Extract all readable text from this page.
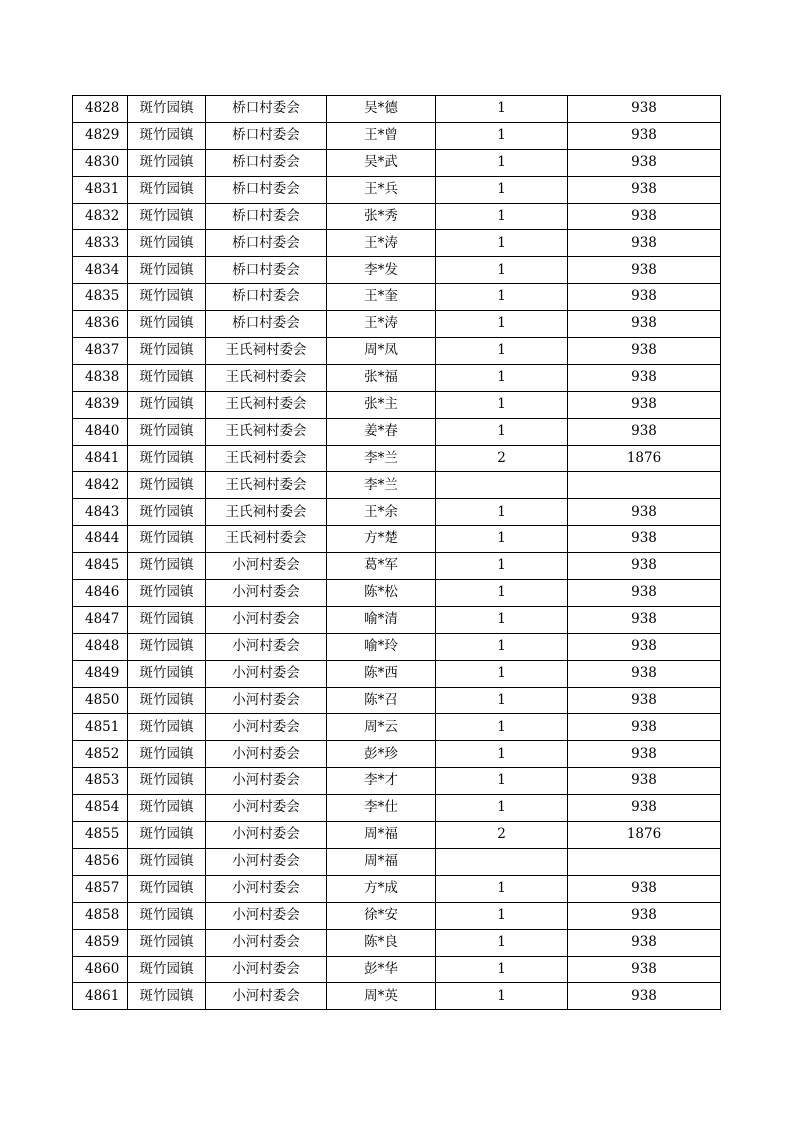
4828	斑竹园镇	桥口村委会	吴*德	1	938
4829	斑竹园镇	桥口村委会	王*曾	1	938
4830	斑竹园镇	桥口村委会	吴*武	1	938
4831	斑竹园镇	桥口村委会	王*兵	1	938
4832	斑竹园镇	桥口村委会	张*秀	1	938
4833	斑竹园镇	桥口村委会	王*涛	1	938
4834	斑竹园镇	桥口村委会	李*发	1	938
4835	斑竹园镇	桥口村委会	王*奎	1	938
4836	斑竹园镇	桥口村委会	王*涛	1	938
4837	斑竹园镇	王氏祠村委会	周*凤	1	938
4838	斑竹园镇	王氏祠村委会	张*福	1	938
4839	斑竹园镇	王氏祠村委会	张*主	1	938
4840	斑竹园镇	王氏祠村委会	姜*春	1	938
4841	斑竹园镇	王氏祠村委会	李*兰	2	1876
4842	斑竹园镇	王氏祠村委会	李*兰		
4843	斑竹园镇	王氏祠村委会	王*余	1	938
4844	斑竹园镇	王氏祠村委会	方*楚	1	938
4845	斑竹园镇	小河村委会	葛*军	1	938
4846	斑竹园镇	小河村委会	陈*松	1	938
4847	斑竹园镇	小河村委会	喻*清	1	938
4848	斑竹园镇	小河村委会	喻*玲	1	938
4849	斑竹园镇	小河村委会	陈*西	1	938
4850	斑竹园镇	小河村委会	陈*召	1	938
4851	斑竹园镇	小河村委会	周*云	1	938
4852	斑竹园镇	小河村委会	彭*珍	1	938
4853	斑竹园镇	小河村委会	李*才	1	938
4854	斑竹园镇	小河村委会	李*仕	1	938
4855	斑竹园镇	小河村委会	周*福	2	1876
4856	斑竹园镇	小河村委会	周*福		
4857	斑竹园镇	小河村委会	方*成	1	938
4858	斑竹园镇	小河村委会	徐*安	1	938
4859	斑竹园镇	小河村委会	陈*良	1	938
4860	斑竹园镇	小河村委会	彭*华	1	938
4861	斑竹园镇	小河村委会	周*英	1	938
